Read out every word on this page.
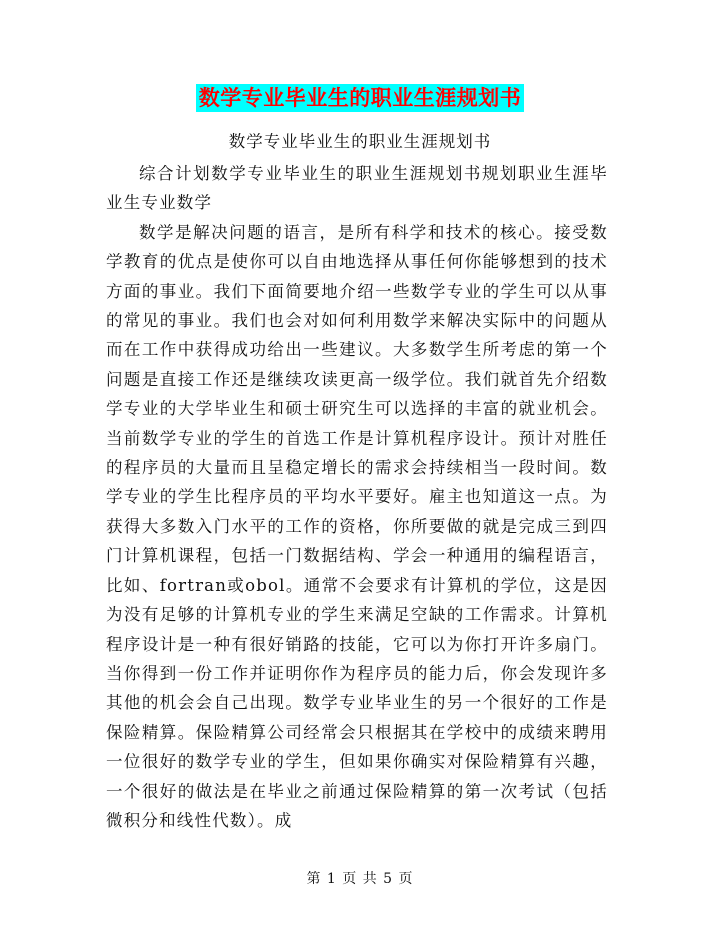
数学专业毕业生的职业生涯规划书
数学专业毕业生的职业生涯规划书

综合计划数学专业毕业生的职业生涯规划书规划职业生涯毕业生专业数学

数学是解决问题的语言，是所有科学和技术的核心。接受数学教育的优点是使你可以自由地选择从事任何你能够想到的技术方面的事业。我们下面简要地介绍一些数学专业的学生可以从事的常见的事业。我们也会对如何利用数学来解决实际中的问题从而在工作中获得成功给出一些建议。大多数学生所考虑的第一个问题是直接工作还是继续攻读更高一级学位。我们就首先介绍数学专业的大学毕业生和硕士研究生可以选择的丰富的就业机会。当前数学专业的学生的首选工作是计算机程序设计。预计对胜任的程序员的大量而且呈稳定增长的需求会持续相当一段时间。数学专业的学生比程序员的平均水平要好。雇主也知道这一点。为获得大多数入门水平的工作的资格，你所要做的就是完成三到四门计算机课程，包括一门数据结构、学会一种通用的编程语言，比如、fortran或obol。通常不会要求有计算机的学位，这是因为没有足够的计算机专业的学生来满足空缺的工作需求。计算机程序设计是一种有很好销路的技能，它可以为你打开许多扇门。当你得到一份工作并证明你作为程序员的能力后，你会发现许多其他的机会会自己出现。数学专业毕业生的另一个很好的工作是保险精算。保险精算公司经常会只根据其在学校中的成绩来聘用一位很好的数学专业的学生，但如果你确实对保险精算有兴趣，一个很好的做法是在毕业之前通过保险精算的第一次考试（包括微积分和线性代数）。成

第 1 页 共 5 页
